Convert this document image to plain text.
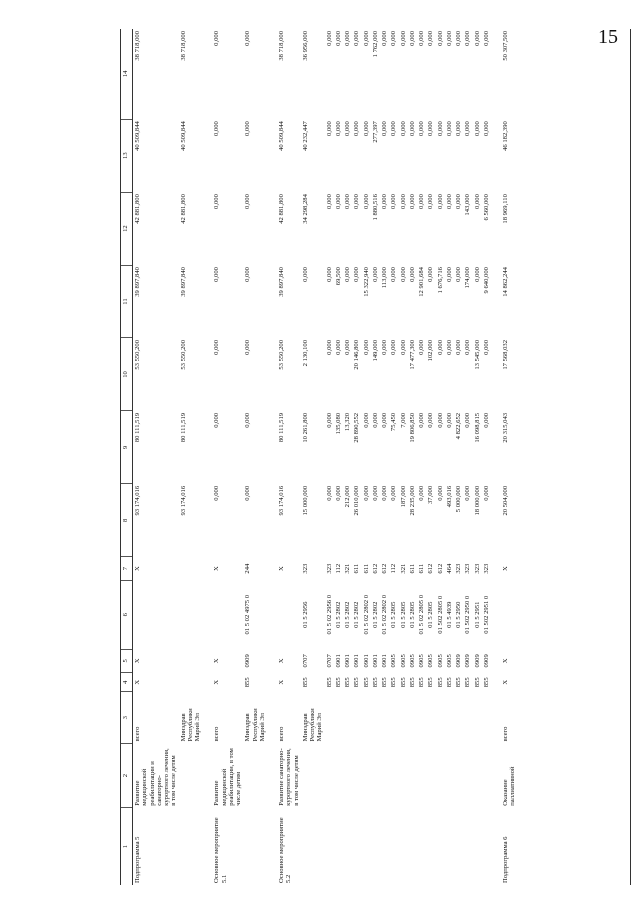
15
1	2	3	4	5	6	7	8	9	10	11	12	13	14
Подпрограмма 5	Развитие медицинской реабилитации и санаторно-курортного лечения, в том числе детям	всего	X	X		X	93 174,016	80 111,519	53 550,200	39 897,840	42 881,800	40 509,844	38 718,000
		Минздрав Республики Марий Эл					93 174,016	80 111,519	53 550,200	39 897,840	42 881,800	40 509,844	38 718,000

Основное мероприятие 5.1	Развитие медицинской реабилитации, в том числе детям	всего	X	X		X	0,000	0,000	0,000	0,000	0,000	0,000	0,000
		Минздрав Республики Марий Эл	855	0909	01 5 02 4975 0	244	0,000	0,000	0,000	0,000	0,000	0,000	0,000

Основное мероприятие 5.2	Развитие санаторно-курортного лечения, в том числе детям	всего	X	X		X	93 174,016	80 111,519	53 550,200	39 897,840	42 881,800	40 509,844	38 718,000
		Минздрав Республики Марий Эл	855	0707	01 5 2956	323	15 000,000	10 261,800	2 130,100	0,000	34 298,284	40 232,447	36 956,000
			855	0707	01 5 02 2956 0	323	0,000	0,000	0,000	0,000	0,000	0,000	0,000
			855	0901	01 5 2802	112	0,000	135,080	0,000	69,500	0,000	0,000	0,000
			855	0901	01 5 2802	321	212,000	13,320	0,000	0,000	0,000	0,000	0,000
			855	0901	01 5 2802	611	26 010,000	28 890,552	20 146,800	0,000	0,000	0,000	0,000
			855	0901	01 5 02 2802 0	611	0,000	0,000	0,000	15 322,940	0,000	0,000	0,000
			855	0901	01 5 2802	612	0,000	0,000	149,000	0,000	1 880,516	277,397	1 762,000
			855	0901	01 5 02 2802 0	612	0,000	0,000	0,000	113,000	0,000	0,000	0,000
			855	0905	01 5 2805	112	0,000	75,450	0,000	0,000	0,000	0,000	0,000
			855	0905	01 5 2805	321	187,000	7,000	0,000	0,000	0,000	0,000	0,000
			855	0905	01 5 2805	611	28 235,000	19 806,850	17 477,300	0,000	0,000	0,000	0,000
			855	0905	01 5 02 2805 0	611	0,000	0,000	0,000	12 901,684	0,000	0,000	0,000
			855	0905	01 5 2805	612	37,000	0,000	102,000	0,000	0,000	0,000	0,000
			855	0905	01 502 2805 0	612	0,000	0,000	0,000	1 676,716	0,000	0,000	0,000
			855	0905	01 5 4939	464	493,016	0,000	0,000	0,000	0,000	0,000	0,000
			855	0909	01 5 2950	323	5 000,000	4 822,652	0,000	0,000	0,000	0,000	0,000
			855	0909	01 502 2950 0	323	0,000	0,000	0,000	174,000	143,000	0,000	0,000
			855	0909	01 5 2951	323	18 000,000	16 098,815	13 545,000	0,000	0,000	0,000	0,000
			855	0909	01 502 2951 0	323	0,000	0,000	0,000	9 640,000	6 560,000	0,000	0,000

Подпрограмма 6	Оказание паллиативной	всего	X	X		X	20 504,000	20 315,043	17 568,032	14 862,244	18 969,110	46 182,390	50 307,500
